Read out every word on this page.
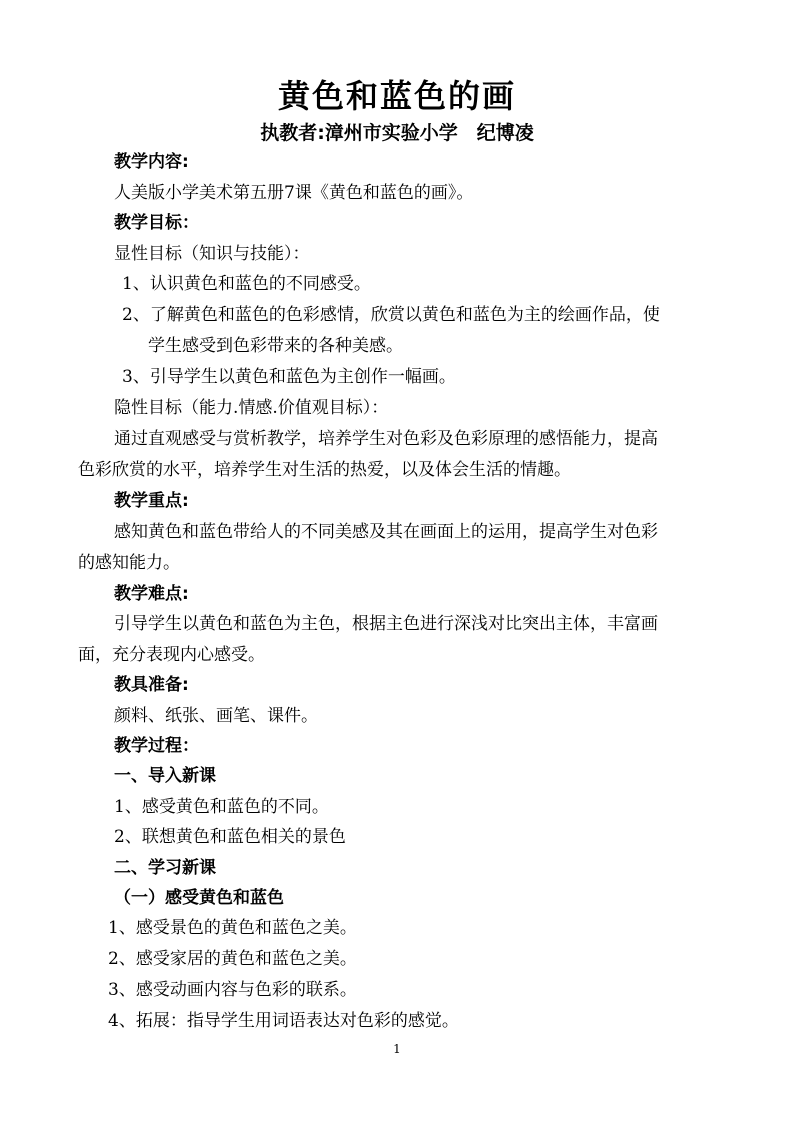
黄色和蓝色的画
执教者:漳州市实验小学　纪博凌
教学内容:
人美版小学美术第五册7课《黄色和蓝色的画》。
教学目标：
显性目标（知识与技能）：
1、认识黄色和蓝色的不同感受。
2、了解黄色和蓝色的色彩感情，欣赏以黄色和蓝色为主的绘画作品，使
学生感受到色彩带来的各种美感。
3、引导学生以黄色和蓝色为主创作一幅画。
隐性目标（能力.情感.价值观目标）：
通过直观感受与赏析教学，培养学生对色彩及色彩原理的感悟能力，提高
色彩欣赏的水平，培养学生对生活的热爱，以及体会生活的情趣。
教学重点:
感知黄色和蓝色带给人的不同美感及其在画面上的运用，提高学生对色彩
的感知能力。
教学难点:
引导学生以黄色和蓝色为主色，根据主色进行深浅对比突出主体，丰富画
面，充分表现内心感受。
教具准备:
颜料、纸张、画笔、课件。
教学过程：
一、导入新课
1、感受黄色和蓝色的不同。
2、联想黄色和蓝色相关的景色
二、学习新课
（一）感受黄色和蓝色
1、感受景色的黄色和蓝色之美。
2、感受家居的黄色和蓝色之美。
3、感受动画内容与色彩的联系。
4、拓展：指导学生用词语表达对色彩的感觉。
1
